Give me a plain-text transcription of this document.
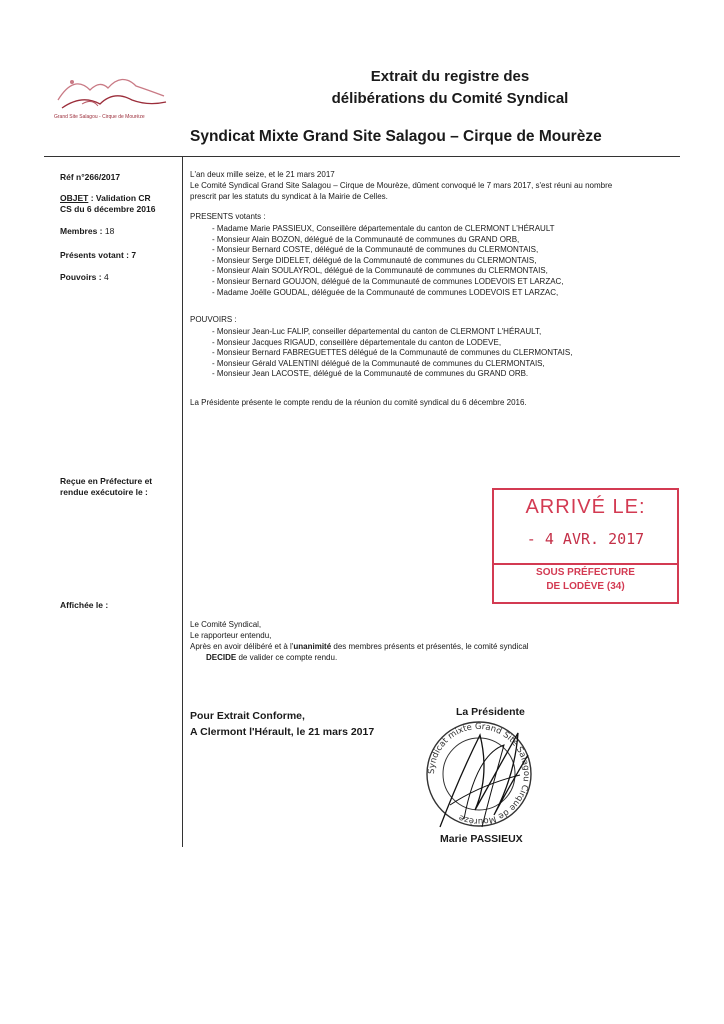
Grand Site Salagou - Cirque de Mourèze
Extrait du registre des
délibérations du Comité Syndical
Syndicat Mixte Grand Site Salagou – Cirque de Mourèze
Réf n°266/2017
OBJET : Validation CR
CS du 6 décembre 2016
Membres : 18
Présents votant : 7
Pouvoirs : 4
Reçue en Préfecture et
rendue exécutoire le :
Affichée le :
L'an deux mille seize, et le 21 mars 2017
Le Comité Syndical Grand Site Salagou – Cirque de Mourèze, dûment convoqué le 7 mars 2017, s'est réuni au nombre
prescrit par les statuts du syndicat à la Mairie de Celles.
PRESENTS votants :
- Madame Marie PASSIEUX, Conseillère départementale du canton de CLERMONT L'HÉRAULT
- Monsieur Alain BOZON, délégué de la Communauté de communes du GRAND ORB,
- Monsieur Bernard COSTE, délégué de la Communauté de communes du CLERMONTAIS,
- Monsieur Serge DIDELET, délégué de la Communauté de communes du CLERMONTAIS,
- Monsieur Alain SOULAYROL, délégué de la Communauté de communes du CLERMONTAIS,
- Monsieur Bernard GOUJON, délégué de la Communauté de communes LODEVOIS ET LARZAC,
- Madame Joëlle GOUDAL, déléguée de la Communauté de communes LODEVOIS ET LARZAC,
POUVOIRS :
- Monsieur Jean-Luc FALIP, conseiller départemental du canton de CLERMONT L'HÉRAULT,
- Monsieur Jacques RIGAUD, conseillère départementale du canton de LODEVE,
- Monsieur Bernard FABREGUETTES délégué de la Communauté de communes du CLERMONTAIS,
- Monsieur Gérald VALENTINI délégué de la Communauté de communes du CLERMONTAIS,
- Monsieur Jean LACOSTE, délégué de la Communauté de communes du GRAND ORB.
La Présidente présente le compte rendu de la réunion du comité syndical du 6 décembre 2016.
ARRIVÉ LE:
- 4 AVR. 2017
SOUS PRÉFECTURE
DE LODÈVE (34)
Le Comité Syndical,
Le rapporteur entendu,
Après en avoir délibéré et à l'unanimité des membres présents et présentés, le comité syndical
DECIDE de valider ce compte rendu.
Pour Extrait Conforme,
A Clermont l'Hérault, le 21 mars 2017
La Présidente
Syndicat mixte Grand Site Salagou Cirque de Mourèze
Marie PASSIEUX
